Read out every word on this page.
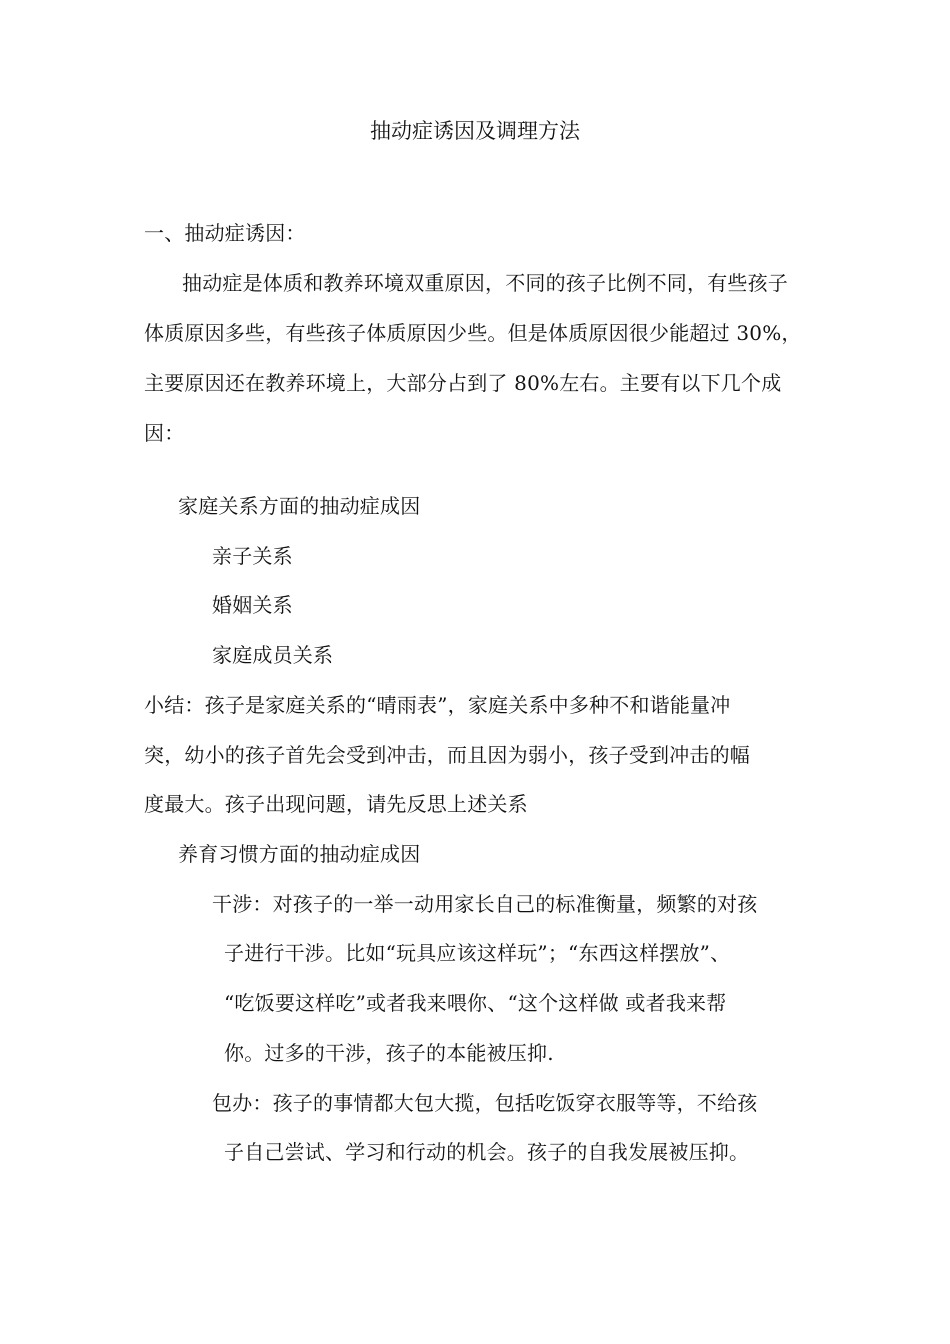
抽动症诱因及调理方法
一、抽动症诱因：
抽动症是体质和教养环境双重原因，不同的孩子比例不同，有些孩子体质原因多些，有些孩子体质原因少些。但是体质原因很少能超过 30%，主要原因还在教养环境上，大部分占到了 80%左右。主要有以下几个成因：
家庭关系方面的抽动症成因
亲子关系
婚姻关系
家庭成员关系
小结：孩子是家庭关系的“晴雨表”，家庭关系中多种不和谐能量冲
突，幼小的孩子首先会受到冲击，而且因为弱小，孩子受到冲击的幅
度最大。孩子出现问题，请先反思上述关系
养育习惯方面的抽动症成因
干涉：对孩子的一举一动用家长自己的标准衡量，频繁的对孩
子进行干涉。比如“玩具应该这样玩”；“东西这样摆放”、
“吃饭要这样吃”或者我来喂你、“这个这样做 或者我来帮
你。过多的干涉，孩子的本能被压抑.
包办：孩子的事情都大包大揽，包括吃饭穿衣服等等，不给孩
子自己尝试、学习和行动的机会。孩子的自我发展被压抑。
